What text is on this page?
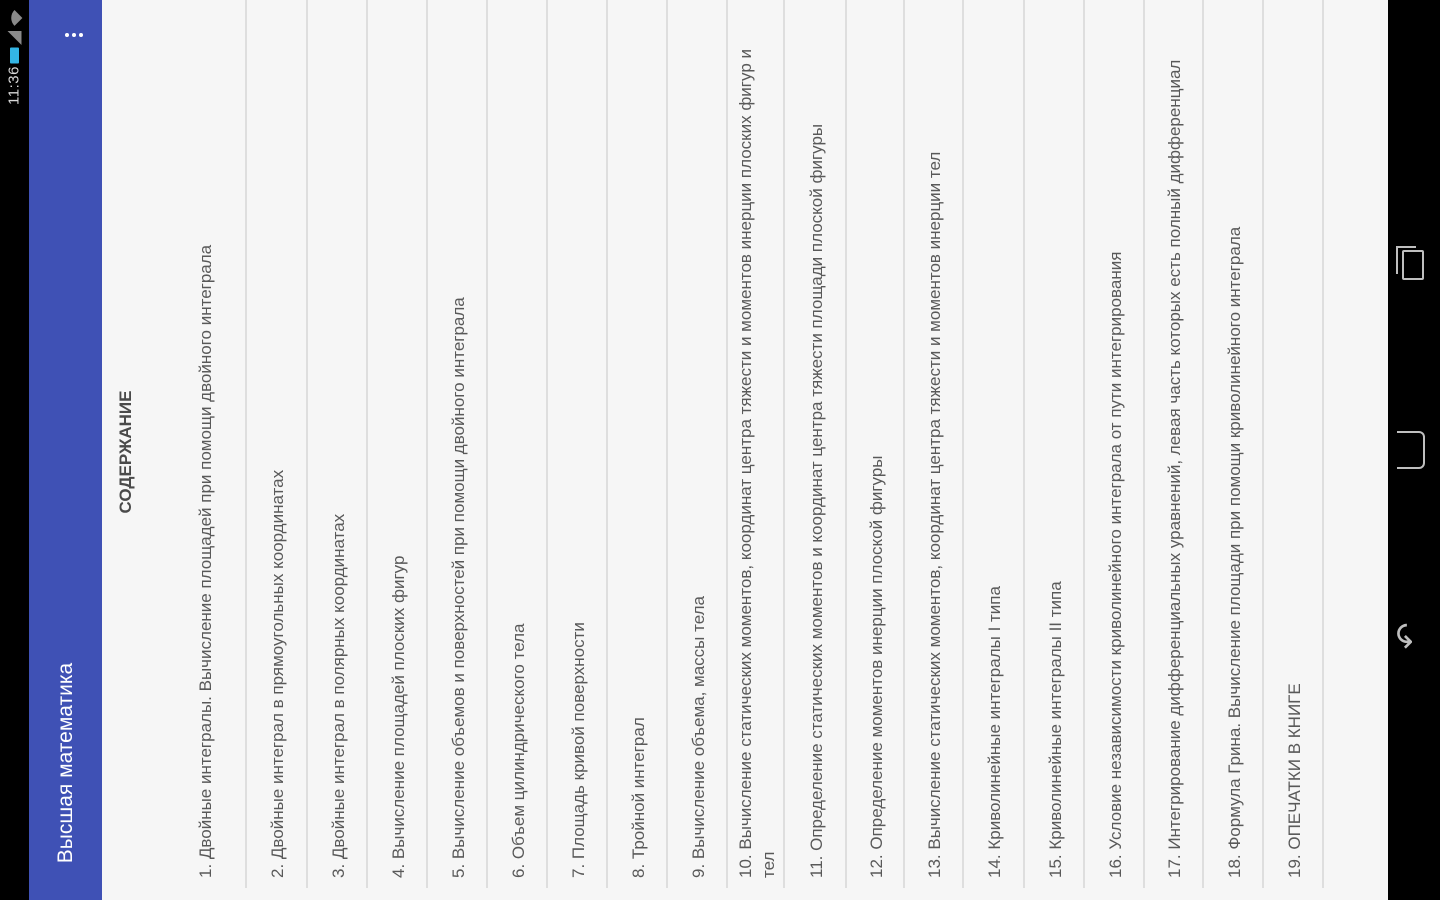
11:36
Высшая математика
СОДЕРЖАНИЕ	1. Двойные интегралы. Вычисление площадей при помощи двойного интеграла	2. Двойные интеграл в прямоугольных координатах 3. Двойные интеграл в полярных координатах 4. Вычисление площадей плоских фигур 5. Вычисление объемов и поверхностей при помощи двойного интеграла 6. Объем цилиндрического тела 7. Площадь кривой поверхности 8. Тройной интеграл 9. Вычисление объема, массы тела 10. Вычисление статических моментов, координат центра тяжести и моментов инерции плоских фигур и тел 11. Определение статических моментов и координат центра тяжести площади плоской фигуры 12. Определение моментов инерции плоской фигуры 13. Вычисление статических моментов, координат центра тяжести и моментов инерции тел 14. Криволинейные интегралы I типа 15. Криволинейные интегралы II типа 16. Условие независимости криволинейного интеграла от пути интегрирования 17. Интегрирование дифференциальных уравнений, левая часть которых есть полный дифференциал 18. Формула Грина. Вычисление площади при помощи криволинейного интеграла 19. ОПЕЧАТКИ В КНИГЕ
↶
